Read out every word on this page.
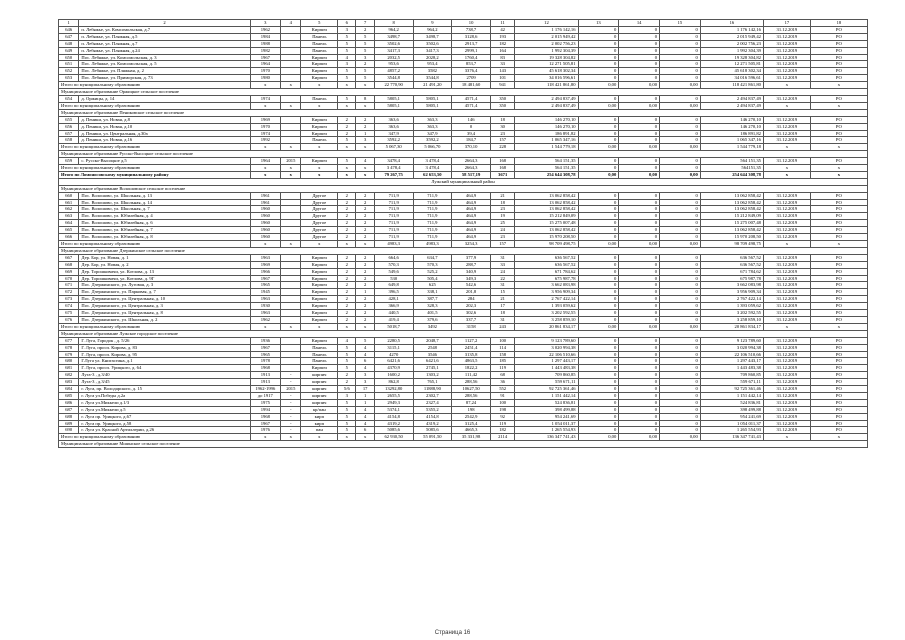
1	2	3	4	5	6	7	8	9	10	11	12	13	14	15	16	17	18
646	п. Лебяжье, ул. Комсомольская, д.7	1962		Кирпич	3	2	964,2	964,2	738,7	42	1 176 142,16	0	0	0	1 176 142,16	31.12.2019	РО
647	п. Лебяжье, ул. Пляжная, д.5	1984		Панель	5	5	3498,7	3498,7	3128,6	193	2 015 949,42	0	0	0	2 015 949,42	31.12.2019	РО
648	п. Лебяжье, ул. Пляжная, д.7	1988		Панель	5	5	3502,6	3502,6	2913,7	182	2 002 756,23	0	0	0	2 002 756,23	31.12.2019	РО
649	п. Лебяжье, ул. Пляжная, д.24	1982		Панель	5	5	3417,3	3417,3	2999,1	164	1 992 304,39	0	0	0	1 992 304,39	31.12.2019	РО
650	Пос. Лебяжье, ул. Комсомольская, д. 3	1967		Кирпич	4	3	2032,5	2028,2	1760,4	83	19 328 304,82	0	0	0	19 328 304,82	31.12.2019	РО
651	Пос. Лебяжье, ул. Комсомольская, д. 5	1964		Кирпич	3	2	953,6	953,4	853,7	33	12 271 505,81	0	0	0	12 271 505,81	31.12.2019	РО
652	Пос. Лебяжье, ул. Пляжная, д. 2	1970		Кирпич	5	5	4857,2	3582	3376,4	143	45 618 302,34	0	0	0	45 618 302,34	31.12.2019	РО
653	Пос. Лебяжье, ул. Приморская, д. 73	1980		Кирпич	5	5	3544,8	3544,8	2709	101	34 016 596,61	0	0	0	34 016 596,61	31.12.2019	РО
Итого по муниципальному образованию		x	x	x	x	x	22 770,90	21 491,20	18 481,60	941	118 421 861,80	0,00	0,00	0,00	118 421 861,80	x	x
Муниципальное образование Оржицкое сельское поселение																	
654	д. Оржицы, д. 14	1974		Панель	5	8	5805,1	5805,1	4571,4	350	2 494 837,49	0	0	0	2 494 837,49	31.12.2019	РО
Итого по муниципальному образованию		x	x	x	x	x	5805,1	5805,1	4571,4	350	2 494 837,49	0,00	0,00	0,00	2 494 837,49	x	x
Муниципальное образование Пениковское сельское поселение																	
655	д. Пеники, ул. Новая, д.8	1969		Кирпич	2	2	363,6	363,3	146	18	146 270,10	0	0	0	146 270,10	31.12.2019	РО
656	д. Пеники, ул. Новая, д.10	1970		Кирпич	2	2	363,6	363,3	0	30	146 270,10	0	0	0	146 270,10	31.12.2019	РО
657	д. Пеники, ул. Центральная, д.30а	1974		Кирпич	2	1	347,9	347,9	39,4	23	186 891,82	0	0	0	186 891,82	31.12.2019	РО
658	д. Пеники, ул. Новая, д.16	1992		Панель	5	3	3592,2	3592,2	184,7	157	1 065 347,16	0	0	0	1 065 347,16	31.12.2019	РО
Итого по муниципальному образованию		x	x	x	x	x	5 067,30	5 066,70	370,10	228	1 544 779,18	0,00	0,00	0,00	1 544 779,18	x	x
Муниципальное образование Русско-Высоцкое сельское поселение																	
659	с. Русско-Высоцкое д.5	1964	2015	Кирпич	5	4	3478,4	3 478,4	2664,3	168	564 151,35	0	0	0	564 151,35	31.12.2019	РО
Итого по муниципальному образованию		x	x	x	x	x	3 478,4	3 478,4	2664,3	168	564 151,35	0	0	0	564151,35	x	x
Итого по Ломоносовскому муниципальному району		x	x	x	x	x	79 267,75	62 653,50	58 517,19	3671	254 644 308,78	0,00	0,00	0,00	254 644 308,78	x	x
Лужский муниципальный район																	
Муниципальное образование Волошовское сельское поселение																	
660	Пос. Волошово, ул. Школьная, д. 13	1961		Другое	2	2	711,9	711,9	464,9	21	13 062 858,42	0	0	0	13 062 858,42	31.12.2019	РО
661	Пос. Волошово, ул. Школьная, д. 14	1961		Другое	2	2	711,9	711,9	464,9	18	13 062 858,42	0	0	0	13 062 858,42	31.12.2019	РО
662	Пос. Волошово, ул. Школьная, д. 7	1960		Другое	2	2	711,9	711,9	464,9	23	13 062 858,42	0	0	0	13 062 858,42	31.12.2019	РО
663	Пос. Волошово, ул. Юбилейная, д. 4	1960		Другое	2	2	711,9	711,9	464,9	19	15 212 849,09	0	0	0	15 212 849,09	31.12.2019	РО
664	Пос. Волошово, ул. Юбилейная, д. 6	1960		Другое	2	2	711,9	711,9	464,9	25	15 275 007,48	0	0	0	15 275 007,48	31.12.2019	РО
665	Пос. Волошово, ул. Юбилейная, д. 7	1960		Другое	2	2	711,9	711,9	464,9	24	13 062 858,42	0	0	0	13 062 858,42	31.12.2019	РО
666	Пос. Волошово, ул. Юбилейная, д. 8	1960		Другое	2	2	711,9	711,9	464,9	23	15 970 208,50	0	0	0	15 970 208,50	31.12.2019	РО
Итого по муниципальному образованию		x	x	x	x	x	4983,3	4983,3	3254,3	157	98 709 498,75	0,00	0,00	0,00	98 709 498,75	x	x
Муниципальное образование Дзержинское сельское поселение																	
667	Дер. Бор, ул. Новая, д. 1	1963		Кирпич	2	2	664,6	634,7	377,9	31	636 567,52	0	0	0	636 567,52	31.12.2019	РО
668	Дер. Бор, ул. Новая, д. 2	1969		Кирпич	2	2	570,3	570,3	288,7	33	636 567,52	0	0	0	636 567,52	31.12.2019	РО
669	Дер. Торошковичи, ул. Котлова, д. 13	1966		Кирпич	2	2	549,6	525,2	340,9	24	671 784,62	0	0	0	671 784,62	31.12.2019	РО
670	Дер. Торошковичи, ул. Котлова, д. 9Г	1967		Кирпич	2	2	530	505,4	349,3	22	675 987,78	0	0	0	675 987,78	31.12.2019	РО
671	Пос. Дзержинского, ул. Луговая, д. 3	1965		Кирпич	2	2	649,8	625	542,6	31	3 662 083,98	0	0	0	3 662 083,98	31.12.2019	РО
672	Пос. Дзержинского, ул. Парковая, д. 7	1945		Кирпич	2	1	396,5	338,1	201,8	15	3 956 909,34	0	0	0	3 956 909,34	31.12.2019	РО
673	Пос. Дзержинского, ул. Центральная, д. 10	1963		Кирпич	2	2	428,1	387,7	284	21	2 767 422,14	0	0	0	2 767 422,14	31.12.2019	РО
674	Пос. Дзержинского, ул. Центральная, д. 3	1930		Кирпич	2	2	366,9	328,3	202,3	17	1 393 059,62	0	0	0	1 393 059,62	31.12.2019	РО
675	Пос. Дзержинского, ул. Центральная, д. 8	1963		Кирпич	2	2	440,5	401,5	302,6	18	3 202 592,55	0	0	0	3 202 592,55	31.12.2019	РО
676	Пос. Дзержинского, ул. Школьная, д. 2	1962		Кирпич	2	2	419,4	379,6	337,7	31	3 258 859,10	0	0	0	3 258 859,10	31.12.2019	РО
Итого по муниципальному образованию		x	x	x	x	x	5018,7	3492	3158	243	20 861 834,17	0,00	0,00	0,00	20 861 834,17	x	x
Муниципальное образование Лужское городское поселение																	
677	Г. Луга, Городок , д. 5/26	1936		Кирпич	4	5	2280,5	2048,7	1127,2	100	9 123 789,60	0	0	0	9 123 789,60	31.12.2019	РО
678	Г. Луга, просп. Кирова, д. 83	1967		Панель	5	4	3115,1	2548	2451,4	114	3 020 994,38	0	0	0	3 020 994,38	31.12.2019	РО
679	Г. Луга, просп. Кирова, д. 95	1965		Панель	5	4	4270	3546	3135,8	158	22 106 510,66	0	0	0	22 106 510,66	31.12.2019	РО
680	Г.Луга ул. Книгасгина, д.1	1978		Панель	5	6	6421,6	6421,6	4863,5	185	1 297 443,17	0	0	0	1 297 443,17	31.12.2019	РО
681	Г. Луга, просп. Урицкого, д. 64	1968		Кирпич	5	4	4370,9	2745,1	1822,2	119	1 443 483,38	0	0	0	1 443 483,38	31.12.2019	РО
682	Луга-3 , д.3/40	1913	-	кирпич	2	3	1600,2	1303,2	111,42	68	709 860,85	0	0	0	709 860,85	31.12.2019	РО
683	Луга-3 , д.3/45	1913	-	кирпич	2	3	862,8	765,1	288,56	36	559 671,11	0	0	0	559 671,11	31.12.2019	РО
684	г. Луга, пр. Володарского, д. 15	1962-1996	2015	кирпич	5/6	17	13292,80	11888,90	10627,50	552	92 725 361,46	0	0	0	92 725 361,46	31.12.2019	РО
685	г. Луга ул.Победы д.2а	до 1917	-	кирпич	3	1	2655,5	2302,7	288,56	91	1 151 442,14	0	0	0	1 151 442,14	31.12.2019	РО
686	г. Луга ул.Миккели д.1/3	1975	-	кирпич	5	1	2949,3	2327,4	87,24	100	524 836,81	0	0	0	524 836,81	31.12.2019	РО
687	г. Луга ул.Миккели д.5	1994	-	кр/пан	5	4	5374,1	5355,2	198	198	398 499,88	0	0	0	398 499,88	31.12.2019	РО
688	г. Луга пр. Урицкого, д.67	1968	-	кирп	5	4	4154,8	4154,8	2542,9	92	954 241,69	0	0	0	954 241,69	31.12.2019	РО
689	г. Луга пр. Урицкого, д.58	1967	-	кирп	5	4	4319,2	4319,2	3125,4	119	1 054 011,37	0	0	0	1 054 011,37	31.12.2019	РО
690	г. Луга ул. Красной Артиллерии, д.26	1976	-	пан	5	6	5085,6	5085,6	4665,3	182	1 265 554,93	0	0	0	1 265 554,93	31.12.2019	РО
Итого по муниципальному образованию		x	x	x	x	x	62 930,50	55 091,50	35 331,98	2114	136 347 741,43	0,00	0,00	0,00	136 347 741,43	x	x
Муниципальное образование Мшинское сельское поселение																	
Страница 16
